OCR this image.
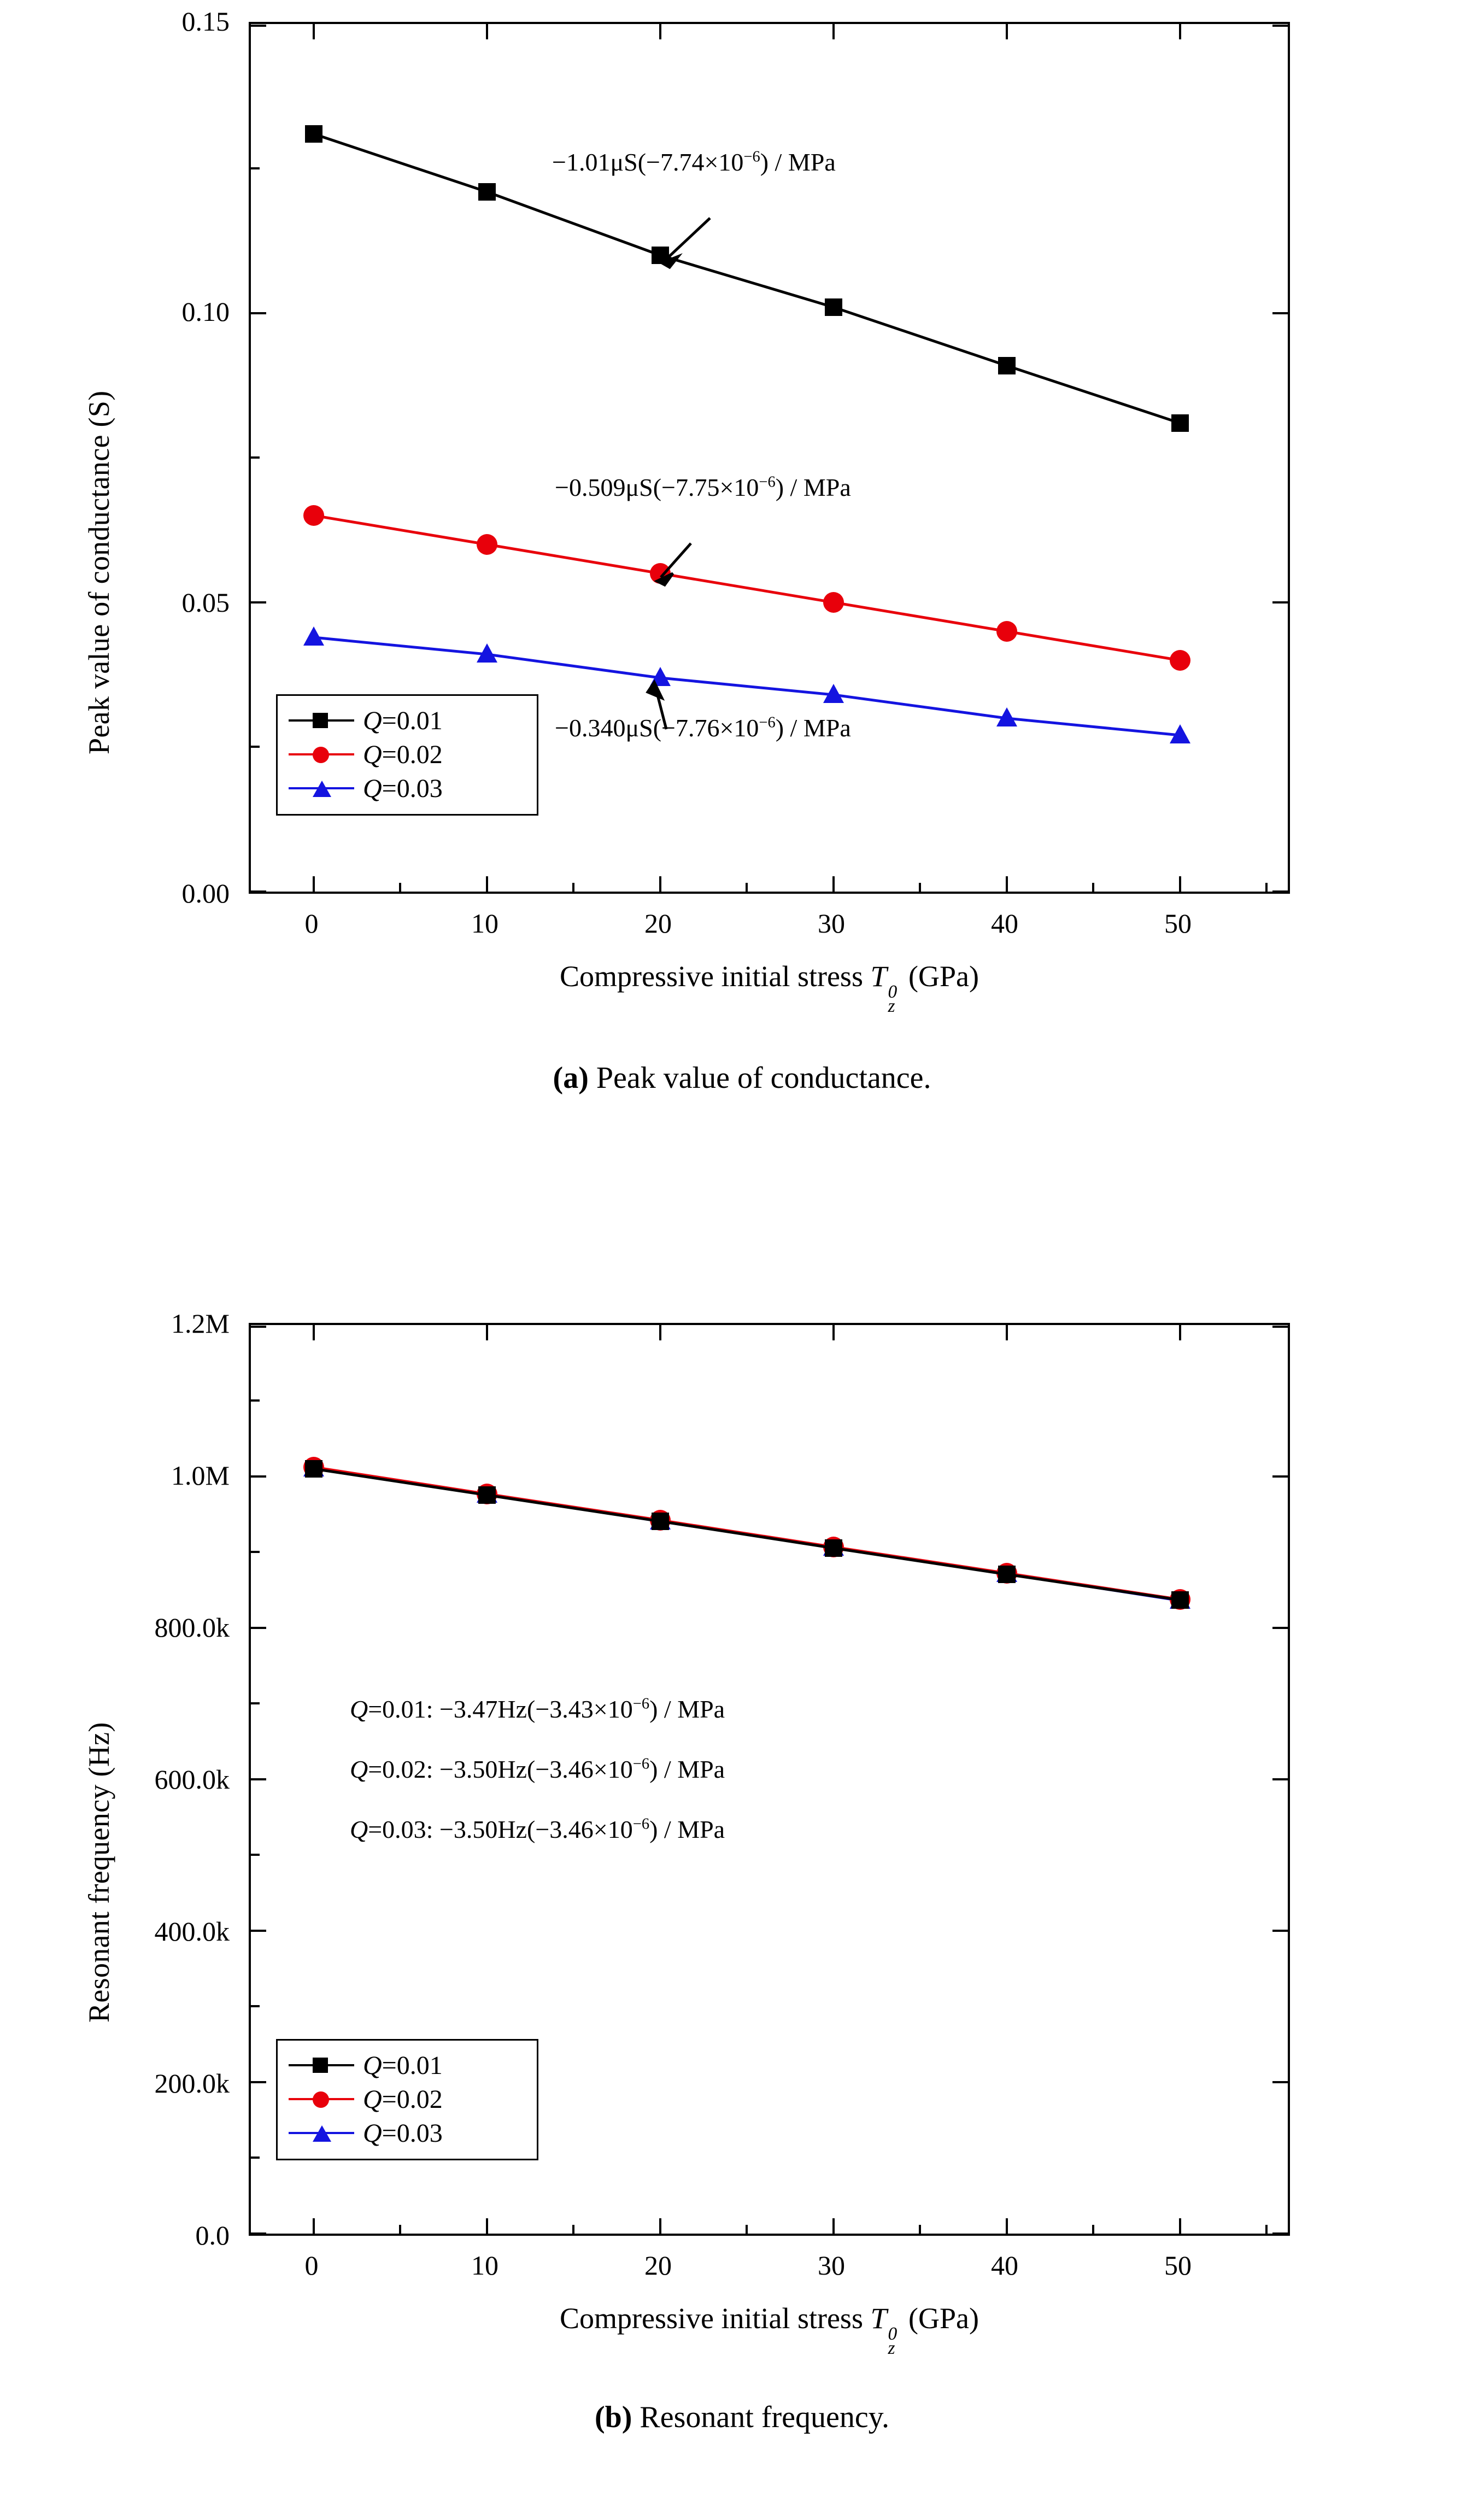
Peak value of conductance (S)
0.00
0.05
0.10
0.15
0	10	20	30	40	50
Compressive initial stress T 0
z
(GPa)
(a) Peak value of conductance.
$-1.01\mu S(-7.74\times 10^{-6})$ / MPa
$-0.509\mu S(-7.75\times 10^{-6})$ / MPa
$-0.340\mu S(-7.76\times 10^{-6})$ / MPa
Q=0.01
Q=0.02
Q=0.03
Resonant frequency (Hz)
0.0
200.0k
400.0k
600.0k
800.0k
1.0M
1.2M
0	10	20	30	40	50
Compressive initial stress T 0
z
(GPa)
(b) Resonant frequency.
Q=0.01: $-3.47Hz(-3.43\times 10^{-6})$ / MPa
Q=0.02: $-3.50Hz(-3.46\times 10^{-6})$ / MPa
Q=0.03: $-3.50Hz(-3.46\times 10^{-6})$ / MPa
Q=0.01
Q=0.02
Q=0.03
